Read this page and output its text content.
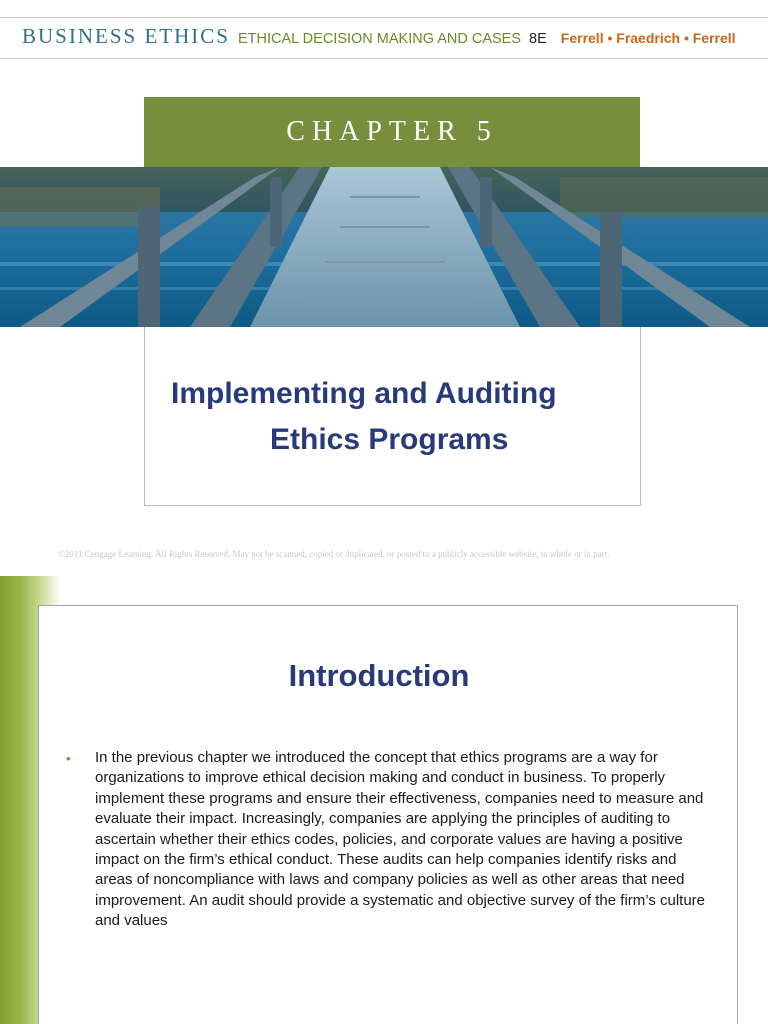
BUSINESS ETHICS ETHICAL DECISION MAKING AND CASES 8E Ferrell • Fraedrich • Ferrell
CHAPTER 5
Implementing and Auditing
Ethics Programs
©2011 Cengage Learning. All Rights Reserved. May not be scanned, copied or duplicated, or posted to a publicly accessible website, in whole or in part.
Introduction
• In the previous chapter we introduced the concept that ethics programs are a way for organizations to improve ethical decision making and conduct in business. To properly implement these programs and ensure their effectiveness, companies need to measure and evaluate their impact. Increasingly, companies are applying the principles of auditing to ascertain whether their ethics codes, policies, and corporate values are having a positive impact on the firm’s ethical conduct. These audits can help companies identify risks and areas of noncompliance with laws and company policies as well as other areas that need improvement. An audit should provide a systematic and objective survey of the firm’s culture and values
